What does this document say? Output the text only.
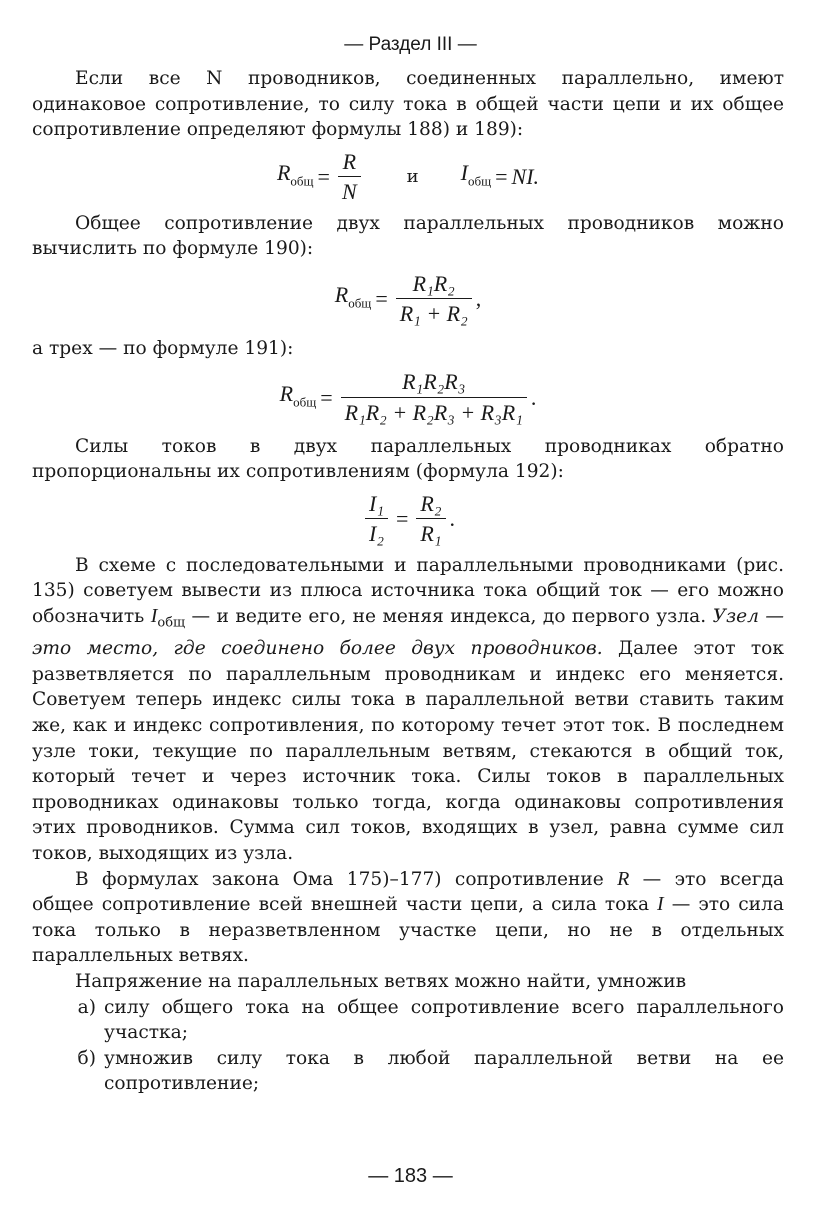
— Раздел III —

Если все N проводников, соединенных параллельно, имеют одинаковое сопротивление, то силу тока в общей части цепи и их общее сопротивление определяют формулы 188) и 189):

$R_{общ} = \frac{R}{N}$	и $I_{общ}$ = NI.

Общее сопротивление двух параллельных проводников можно вычислить по формуле 190):

$R_{общ} = \frac{\text{R₁R₂}}{\text{R₁ + R₂}}$ ,

а трех — по формуле 191):

$R_{общ} = \frac{\text{R₁R₂R₃}}{\text{R₁R₂ + R₂R₃ + R₃R₁}}$ .

Силы токов в двух параллельных проводниках обратно пропорциональны их сопротивлениям (формула 192):

$\frac{\text{I₁}}{\text{I₂}} = \frac{\text{R₂}}{\text{R₁}}$ .

В схеме с последовательными и параллельными проводниками (рис. 135) советуем вывести из плюса источника тока общий ток — его можно обозначить $I_{общ}$ — и ведите его, не меняя индекса, до первого узла. Узел — это место, где соединено более двух проводников. Далее этот ток разветвляется по параллельным проводникам и индекс его меняется. Советуем теперь индекс силы тока в параллельной ветви ставить таким же, как и индекс сопротивления, по которому течет этот ток. В последнем узле токи, текущие по параллельным ветвям, стекаются в общий ток, который течет и через источник тока. Силы токов в параллельных проводниках одинаковы только тогда, когда одинаковы сопротивления этих проводников. Сумма сил токов, входящих в узел, равна сумме сил токов, выходящих из узла.

В формулах закона Ома 175)–177) сопротивление R — это всегда общее сопротивление всей внешней части цепи, а сила тока I — это сила тока только в неразветвленном участке цепи, но не в отдельных параллельных ветвях.

Напряжение на параллельных ветвях можно найти, умножив

а) силу общего тока на общее сопротивление всего параллельного участка;
б) умножив силу тока в любой параллельной ветви на ее сопротивление;
— 183 —
